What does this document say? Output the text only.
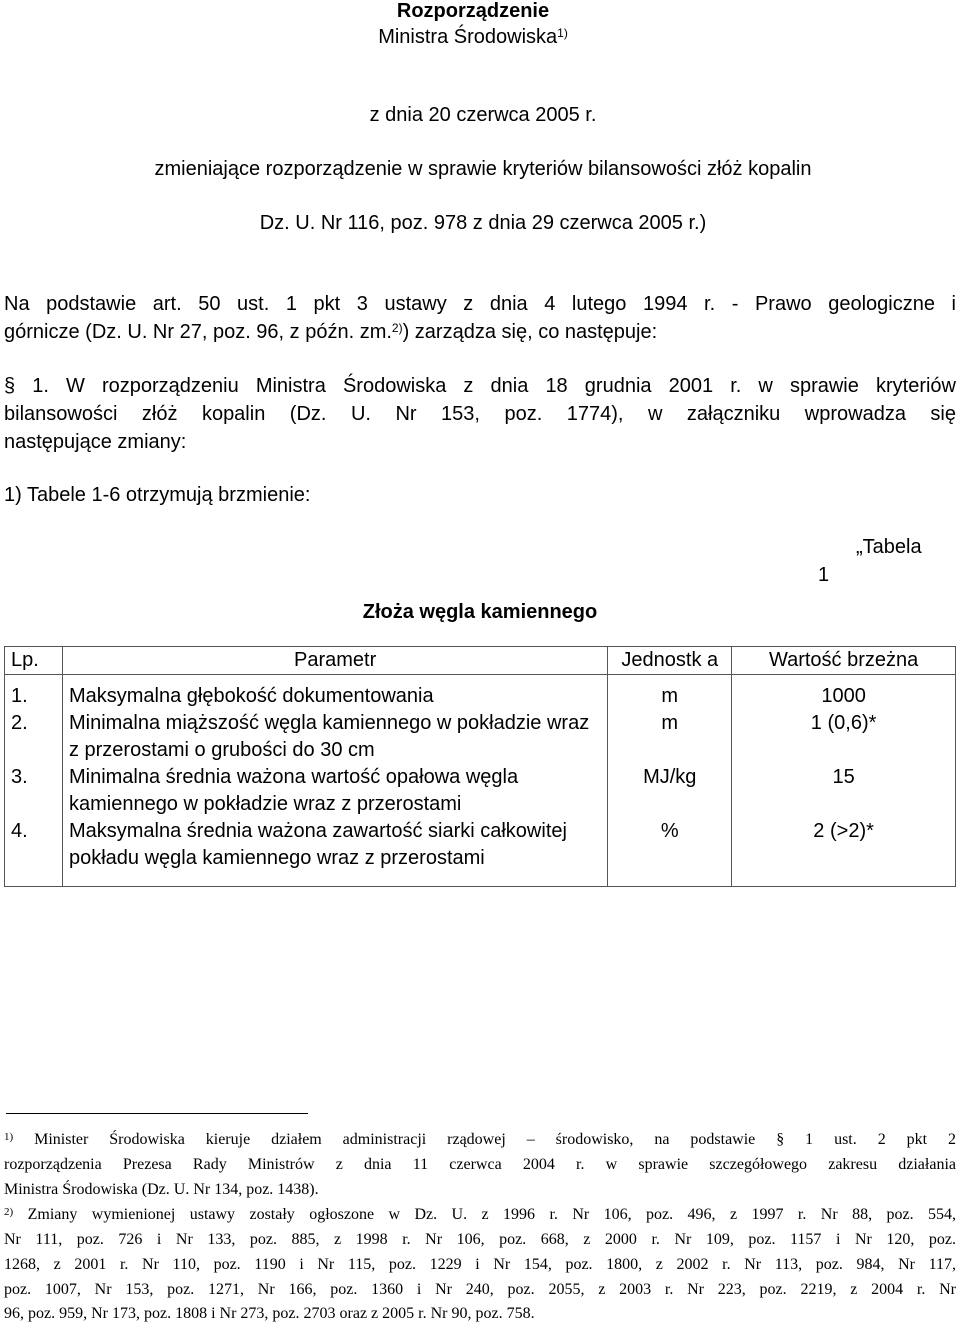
Rozporządzenie
Ministra Środowiska$^{1)}$
z dnia 20 czerwca 2005 r.
zmieniające rozporządzenie w sprawie kryteriów bilansowości złóż kopalin
Dz. U. Nr 116, poz. 978 z dnia 29 czerwca 2005 r.)
Na podstawie art. 50 ust. 1 pkt 3 ustawy z dnia 4 lutego 1994 r. - Prawo geologiczne i
górnicze (Dz. U. Nr 27, poz. 96, z późn. zm.$^{2)}$) zarządza się, co następuje:
§ 1. W rozporządzeniu Ministra Środowiska z dnia 18 grudnia 2001 r. w sprawie kryteriów
bilansowości złóż kopalin (Dz. U. Nr 153, poz. 1774), w załączniku wprowadza się
następujące zmiany:
1) Tabele 1-6 otrzymują brzmienie:
„Tabela
1
Złoża węgla kamiennego
Lp.	Parametr	Jednostk a	Wartość brzeżna
1.	Maksymalna głębokość dokumentowania	m	1000
2.	Minimalna miąższość węgla kamiennego w pokładzie wraz z przerostami o grubości do 30 cm	m	1 (0,6)*
3.	Minimalna średnia ważona wartość opałowa węgla kamiennego w pokładzie wraz z przerostami	MJ/kg	15
4.	Maksymalna średnia ważona zawartość siarki całkowitej pokładu węgla kamiennego wraz z przerostami	%	2 (>2)*
$^{1)}$ Minister Środowiska kieruje działem administracji rządowej – środowisko, na podstawie § 1 ust. 2 pkt 2
rozporządzenia Prezesa Rady Ministrów z dnia 11 czerwca 2004 r. w sprawie szczegółowego zakresu działania
Ministra Środowiska (Dz. U. Nr 134, poz. 1438).
$^{2)}$ Zmiany wymienionej ustawy zostały ogłoszone w Dz. U. z 1996 r. Nr 106, poz. 496, z 1997 r. Nr 88, poz. 554,
Nr 111, poz. 726 i Nr 133, poz. 885, z 1998 r. Nr 106, poz. 668, z 2000 r. Nr 109, poz. 1157 i Nr 120, poz.
1268, z 2001 r. Nr 110, poz. 1190 i Nr 115, poz. 1229 i Nr 154, poz. 1800, z 2002 r. Nr 113, poz. 984, Nr 117,
poz. 1007, Nr 153, poz. 1271, Nr 166, poz. 1360 i Nr 240, poz. 2055, z 2003 r. Nr 223, poz. 2219, z 2004 r. Nr
96, poz. 959, Nr 173, poz. 1808 i Nr 273, poz. 2703 oraz z 2005 r. Nr 90, poz. 758.
